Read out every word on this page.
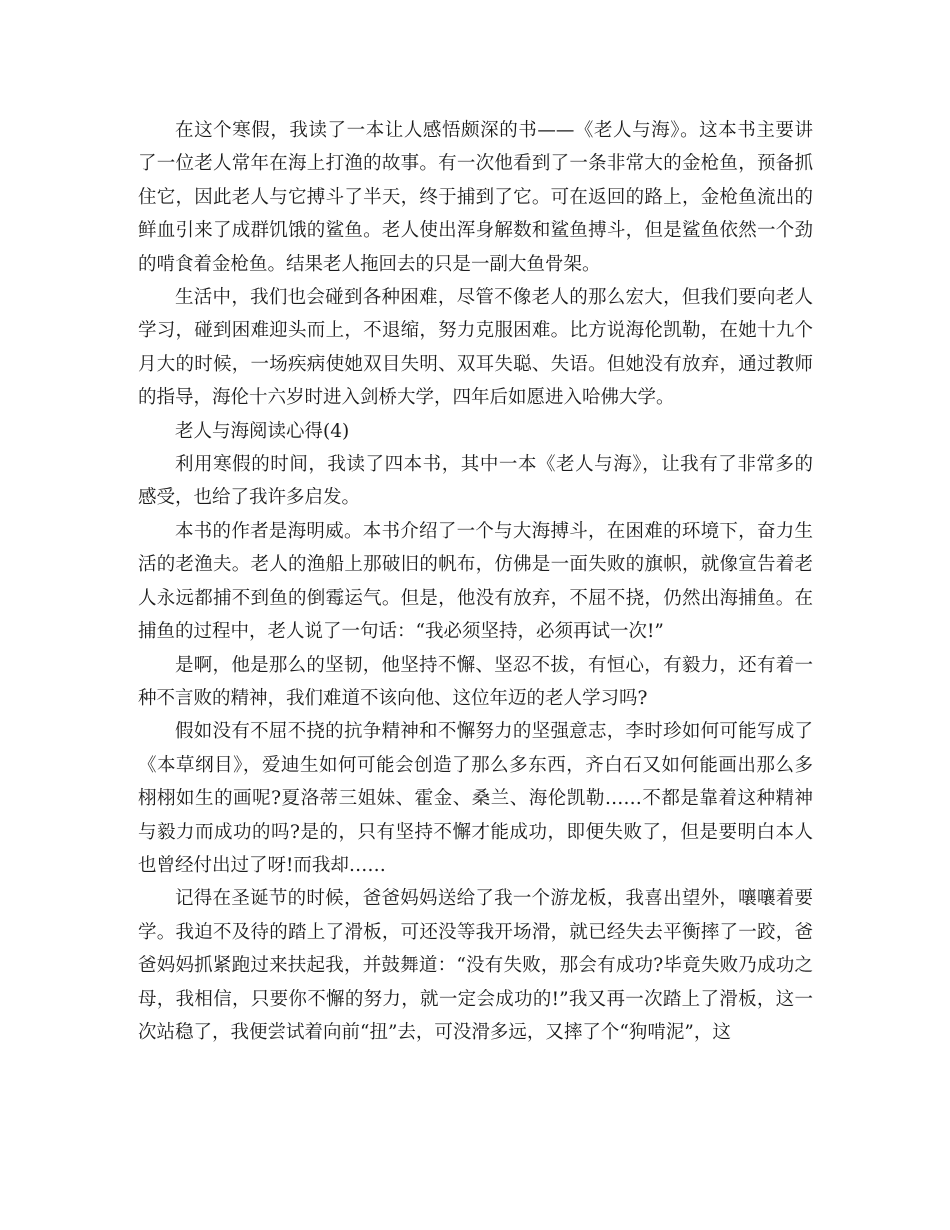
在这个寒假，我读了一本让人感悟颇深的书——《老人与海》。这本书主要讲了一位老人常年在海上打渔的故事。有一次他看到了一条非常大的金枪鱼，预备抓住它，因此老人与它搏斗了半天，终于捕到了它。可在返回的路上，金枪鱼流出的鲜血引来了成群饥饿的鲨鱼。老人使出浑身解数和鲨鱼搏斗，但是鲨鱼依然一个劲的啃食着金枪鱼。结果老人拖回去的只是一副大鱼骨架。

生活中，我们也会碰到各种困难，尽管不像老人的那么宏大，但我们要向老人学习，碰到困难迎头而上，不退缩，努力克服困难。比方说海伦凯勒，在她十九个月大的时候，一场疾病使她双目失明、双耳失聪、失语。但她没有放弃，通过教师的指导，海伦十六岁时进入剑桥大学，四年后如愿进入哈佛大学。

老人与海阅读心得(4)

利用寒假的时间，我读了四本书，其中一本《老人与海》，让我有了非常多的感受，也给了我许多启发。

本书的作者是海明威。本书介绍了一个与大海搏斗，在困难的环境下，奋力生活的老渔夫。老人的渔船上那破旧的帆布，仿佛是一面失败的旗帜，就像宣告着老人永远都捕不到鱼的倒霉运气。但是，他没有放弃，不屈不挠，仍然出海捕鱼。在捕鱼的过程中，老人说了一句话：“我必须坚持，必须再试一次!”

是啊，他是那么的坚韧，他坚持不懈、坚忍不拔，有恒心，有毅力，还有着一种不言败的精神，我们难道不该向他、这位年迈的老人学习吗?

假如没有不屈不挠的抗争精神和不懈努力的坚强意志，李时珍如何可能写成了《本草纲目》，爱迪生如何可能会创造了那么多东西，齐白石又如何能画出那么多栩栩如生的画呢?夏洛蒂三姐妹、霍金、桑兰、海伦凯勒……不都是靠着这种精神与毅力而成功的吗?是的，只有坚持不懈才能成功，即便失败了，但是要明白本人也曾经付出过了呀!而我却……

记得在圣诞节的时候，爸爸妈妈送给了我一个游龙板，我喜出望外，嚷嚷着要学。我迫不及待的踏上了滑板，可还没等我开场滑，就已经失去平衡摔了一跤，爸爸妈妈抓紧跑过来扶起我，并鼓舞道：“没有失败，那会有成功?毕竟失败乃成功之母，我相信，只要你不懈的努力，就一定会成功的!”我又再一次踏上了滑板，这一次站稳了，我便尝试着向前“扭”去，可没滑多远，又摔了个“狗啃泥”，这
